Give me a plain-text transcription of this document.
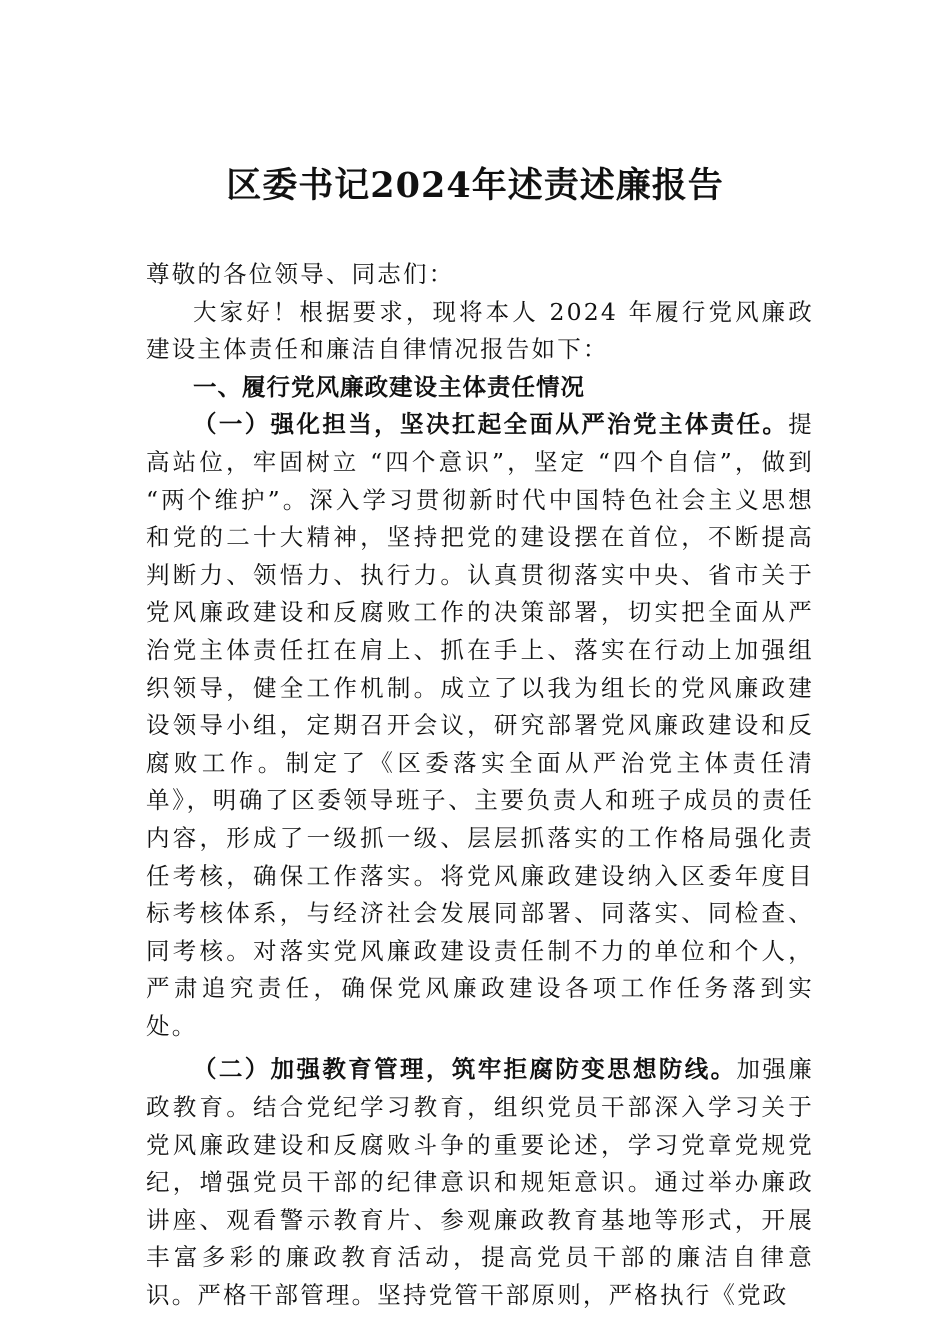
区委书记2024年述责述廉报告

尊敬的各位领导、同志们：

大家好！根据要求，现将本人 2024 年履行党风廉政建设主体责任和廉洁自律情况报告如下：

一、履行党风廉政建设主体责任情况

（一）强化担当，坚决扛起全面从严治党主体责任。提高站位，牢固树立 “四个意识”，坚定 “四个自信”，做到 “两个维护”。深入学习贯彻新时代中国特色社会主义思想和党的二十大精神，坚持把党的建设摆在首位，不断提高判断力、领悟力、执行力。认真贯彻落实中央、省市关于党风廉政建设和反腐败工作的决策部署，切实把全面从严治党主体责任扛在肩上、抓在手上、落实在行动上加强组织领导，健全工作机制。成立了以我为组长的党风廉政建设领导小组，定期召开会议，研究部署党风廉政建设和反腐败工作。制定了《区委落实全面从严治党主体责任清单》，明确了区委领导班子、主要负责人和班子成员的责任内容，形成了一级抓一级、层层抓落实的工作格局强化责任考核，确保工作落实。将党风廉政建设纳入区委年度目标考核体系，与经济社会发展同部署、同落实、同检查、同考核。对落实党风廉政建设责任制不力的单位和个人，严肃追究责任，确保党风廉政建设各项工作任务落到实处。

（二）加强教育管理，筑牢拒腐防变思想防线。加强廉政教育。结合党纪学习教育，组织党员干部深入学习关于党风廉政建设和反腐败斗争的重要论述，学习党章党规党纪，增强党员干部的纪律意识和规矩意识。通过举办廉政讲座、观看警示教育片、参观廉政教育基地等形式，开展丰富多彩的廉政教育活动，提高党员干部的廉洁自律意识。严格干部管理。坚持党管干部原则，严格执行《党政
